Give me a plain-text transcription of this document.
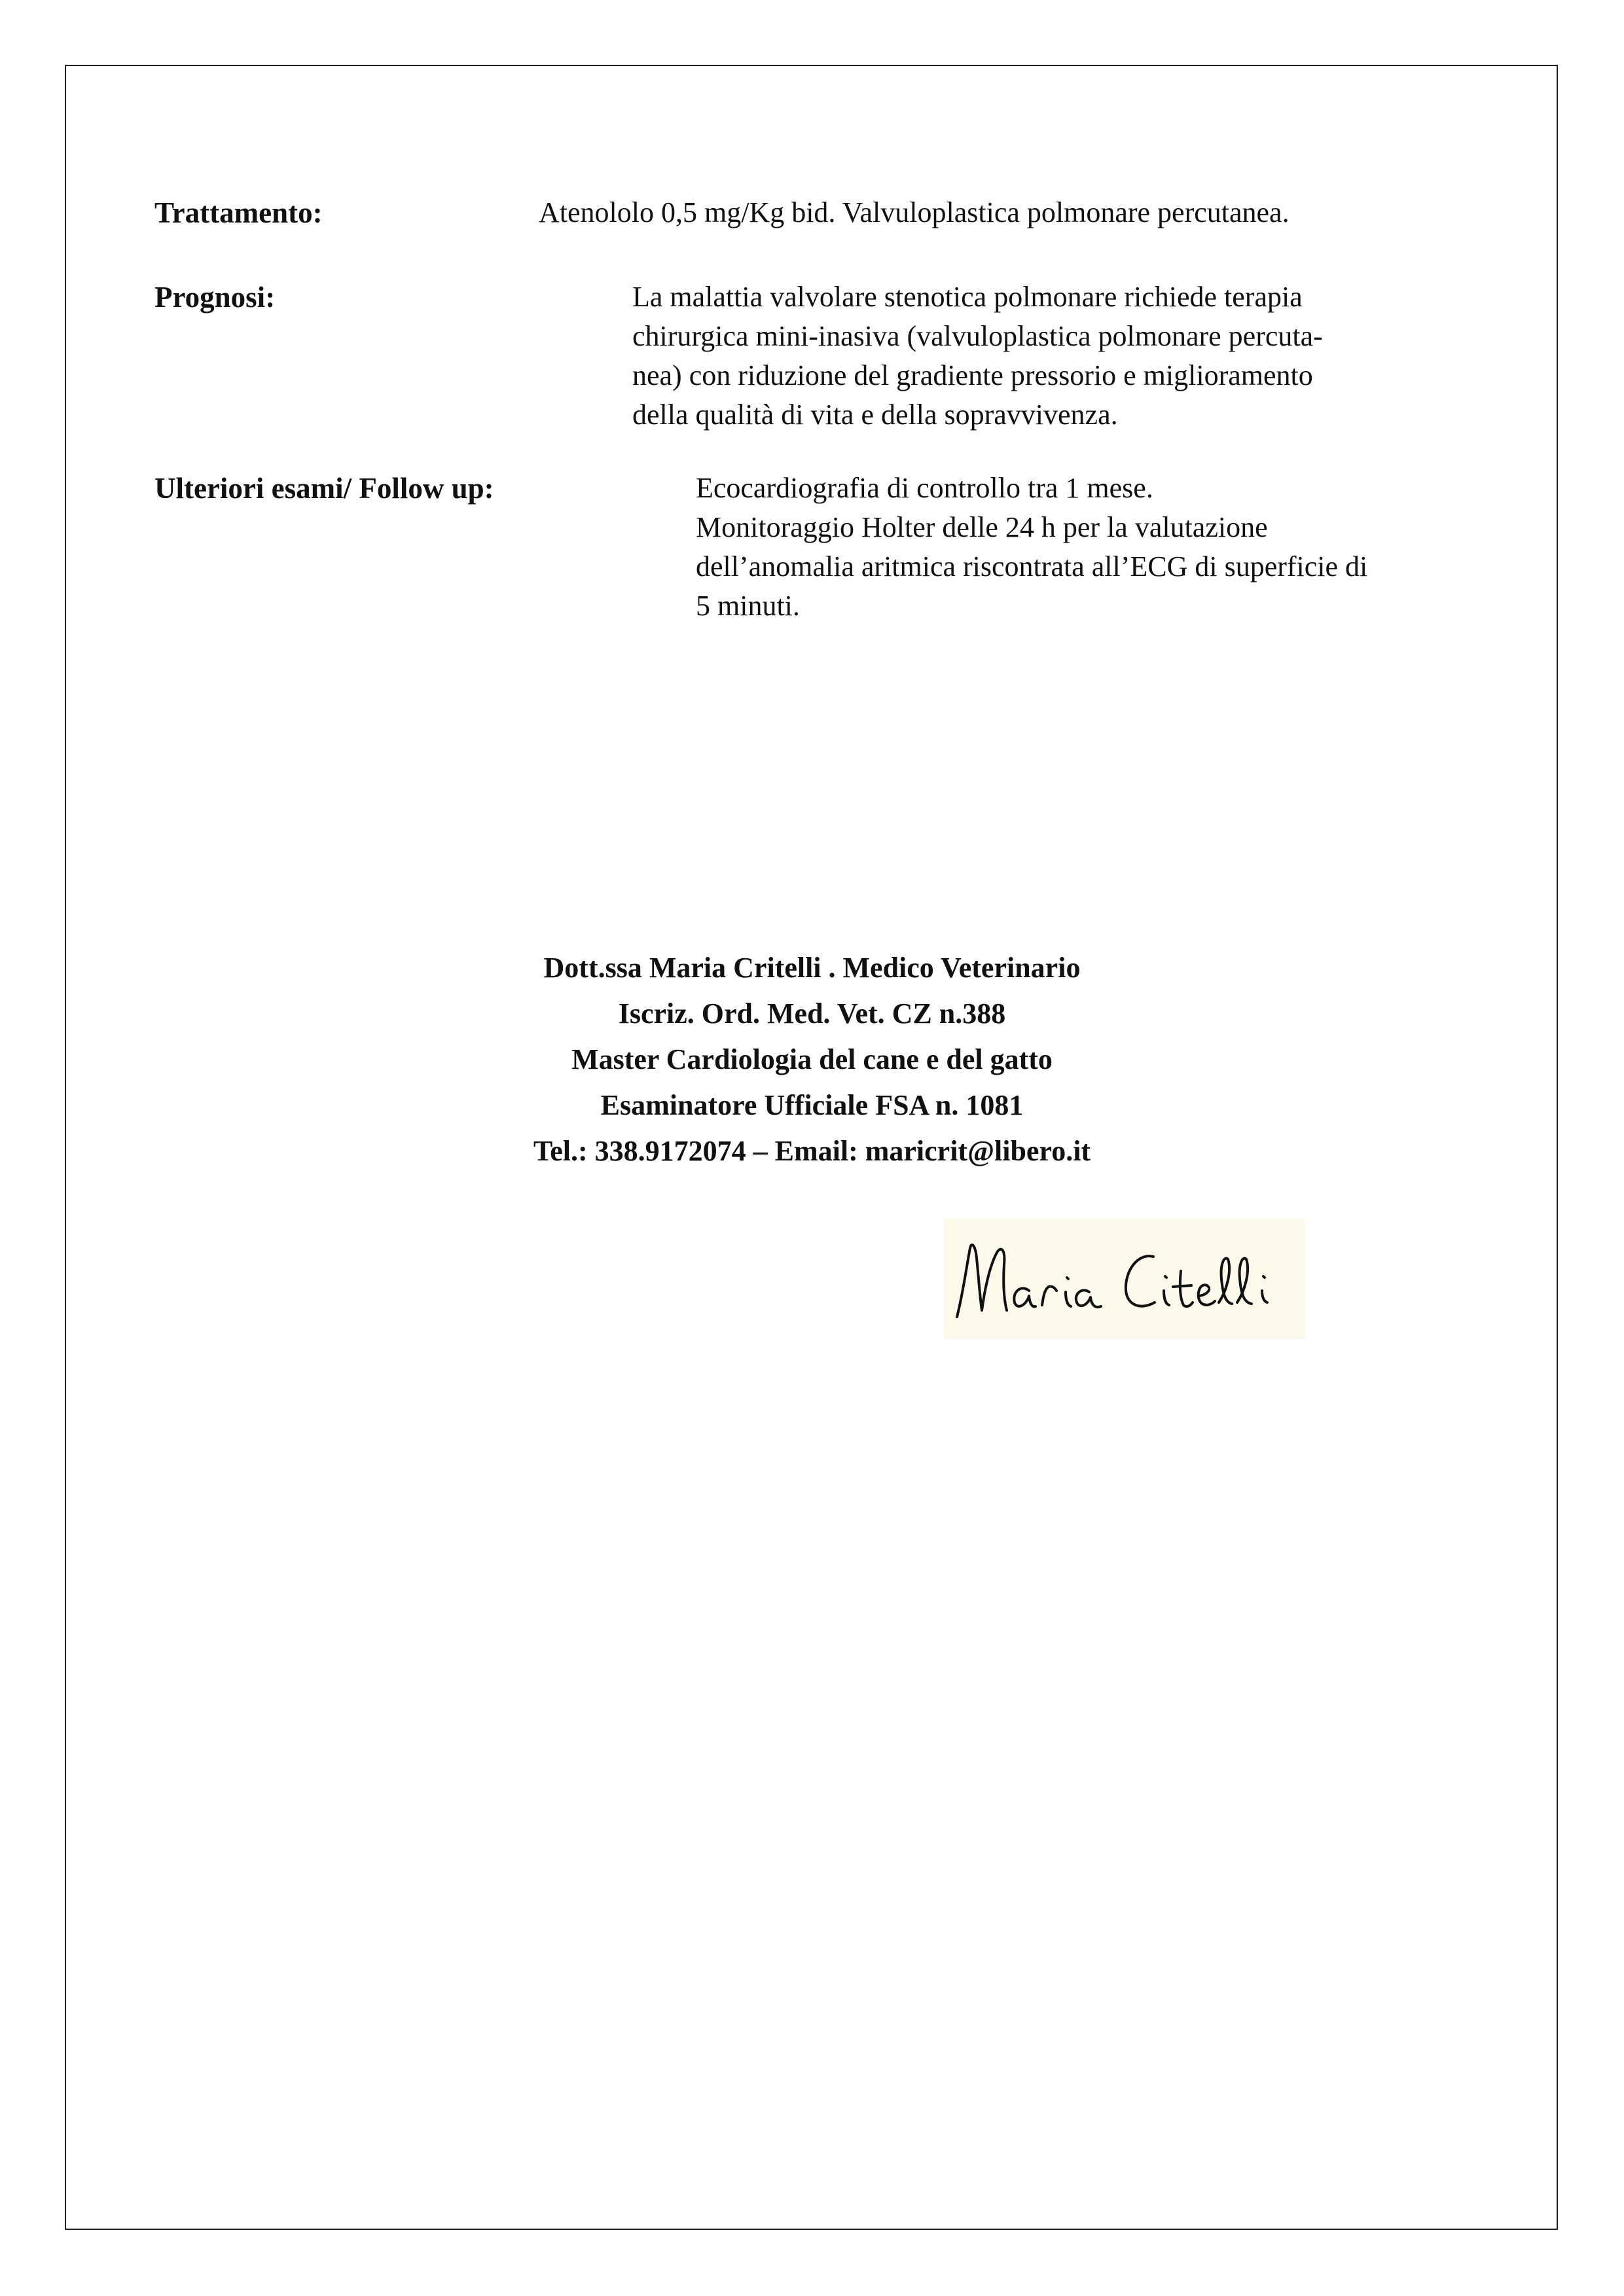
Trattamento:	Atenololo 0,5 mg/Kg bid. Valvuloplastica polmonare percutanea.
Prognosi:	La malattia valvolare stenotica polmonare richiede terapia
chirurgica mini-inasiva (valvuloplastica polmonare percuta-
nea) con riduzione del gradiente pressorio e miglioramento
della qualità di vita e della sopravvivenza.
Ulteriori esami/ Follow up:	Ecocardiografia di controllo tra 1 mese.
Monitoraggio Holter delle 24 h per la valutazione
dell’anomalia aritmica riscontrata all’ECG di superficie di
5 minuti.
Dott.ssa Maria Critelli . Medico Veterinario
Iscriz. Ord. Med. Vet. CZ n.388
Master Cardiologia del cane e del gatto
Esaminatore Ufficiale FSA n. 1081
Tel.: 338.9172074 – Email: maricrit@libero.it
